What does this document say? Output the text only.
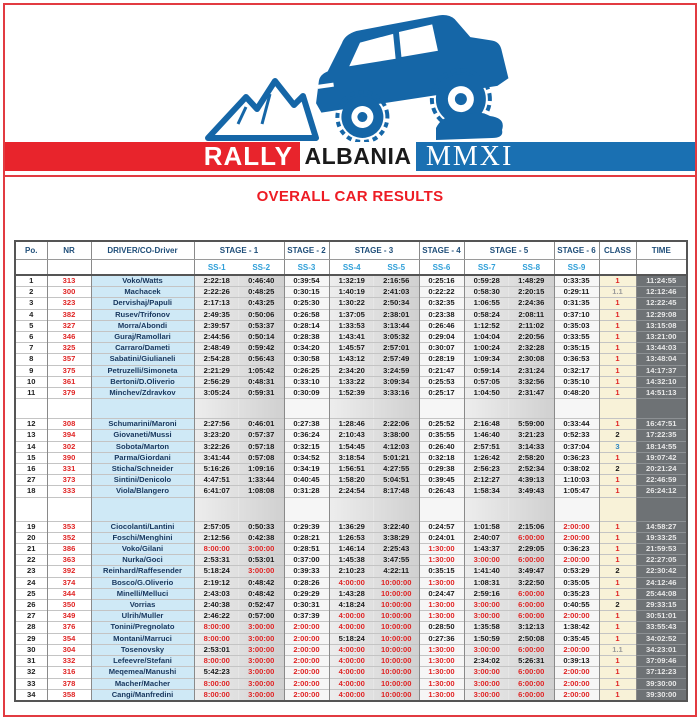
RALLY ALBANIA MMXI
OVERALL CAR RESULTS
Po.	NR	DRIVER/CO-Driver	STAGE - 1		STAGE - 2	STAGE - 3		STAGE - 4	STAGE - 5		STAGE - 6	CLASS	TIME
			SS-1	SS-2	SS-3	SS-4	SS-5	SS-6	SS-7	SS-8	SS-9		
1	313	Voko/Watts	2:22:18	0:46:40	0:39:54	1:32:19	2:16:56	0:25:16	0:59:28	1:48:29	0:33:35	1	11:24:55
2	300	Machacek	2:22:26	0:48:25	0:30:15	1:40:19	2:41:03	0:22:22	0:58:30	2:20:15	0:29:11	1.1	12:12:46
3	323	Dervishaj/Papuli	2:17:13	0:43:25	0:25:30	1:30:22	2:50:34	0:32:35	1:06:55	2:24:36	0:31:35	1	12:22:45
4	382	Rusev/Trifonov	2:49:35	0:50:06	0:26:58	1:37:05	2:38:01	0:23:38	0:58:24	2:08:11	0:37:10	1	12:29:08
5	327	Morra/Abondi	2:39:57	0:53:37	0:28:14	1:33:53	3:13:44	0:26:46	1:12:52	2:11:02	0:35:03	1	13:15:08
6	346	Guraj/Ramollari	2:44:56	0:50:14	0:28:38	1:43:41	3:05:32	0:29:04	1:04:04	2:20:56	0:33:55	1	13:21:00
7	325	Carraro/Dameti	2:48:49	0:59:42	0:34:20	1:45:57	2:57:01	0:30:07	1:00:24	2:32:28	0:35:15	1	13:44:03
8	357	Sabatini/Giulianeli	2:54:28	0:56:43	0:30:58	1:43:12	2:57:49	0:28:19	1:09:34	2:30:08	0:36:53	1	13:48:04
9	375	Petruzelli/Simoneta	2:21:29	1:05:42	0:26:25	2:34:20	3:24:59	0:21:47	0:59:14	2:31:24	0:32:17	1	14:17:37
10	361	Bertoni/D.Oliverio	2:56:29	0:48:31	0:33:10	1:33:22	3:09:34	0:25:53	0:57:05	3:32:56	0:35:10	1	14:32:10
11	379	Minchev/Zdravkov	3:05:24	0:59:31	0:30:09	1:52:39	3:33:16	0:25:17	1:04:50	2:31:47	0:48:20	1	14:51:13

12	308	Schumarini/Maroni	2:27:56	0:46:01	0:27:38	1:28:46	2:22:06	0:25:52	2:16:48	5:59:00	0:33:44	1	16:47:51
13	394	Giovaneti/Mussi	3:23:20	0:57:37	0:36:24	2:10:43	3:38:00	0:35:55	1:46:40	3:21:23	0:52:33	2	17:22:35
14	302	Sobota/Marton	3:22:26	0:57:18	0:32:15	1:54:45	4:12:03	0:26:40	2:57:51	3:14:33	0:37:04	3	18:14:55
15	390	Parma/Giordani	3:41:44	0:57:08	0:34:52	3:18:54	5:01:21	0:32:18	1:26:42	2:58:20	0:36:23	1	19:07:42
16	331	Sticha/Schneider	5:16:26	1:09:16	0:34:19	1:56:51	4:27:55	0:29:38	2:56:23	2:52:34	0:38:02	2	20:21:24
27	373	Sintini/Denicolo	4:47:51	1:33:44	0:40:45	1:58:20	5:04:51	0:39:45	2:12:27	4:39:13	1:10:03	1	22:46:59
18	333	Viola/Blangero	6:41:07	1:08:08	0:31:28	2:24:54	8:17:48	0:26:43	1:58:34	3:49:43	1:05:47	1	26:24:12

19	353	Ciocolanti/Lantini	2:57:05	0:50:33	0:29:39	1:36:29	3:22:40	0:24:57	1:01:58	2:15:06	2:00:00	1	14:58:27
20	352	Foschi/Menghini	2:12:56	0:42:38	0:28:21	1:26:53	3:38:29	0:24:01	2:40:07	6:00:00	2:00:00	1	19:33:25
21	386	Voko/Gilani	8:00:00	3:00:00	0:28:51	1:46:14	2:25:43	1:30:00	1:43:37	2:29:05	0:36:23	1	21:59:53
22	363	Nurka/Goci	2:53:31	0:53:01	0:37:00	1:45:38	3:47:55	1:30:00	3:00:00	6:00:00	2:00:00	1	22:27:05
23	392	Reinhard/Raffesender	5:18:24	3:00:00	0:39:33	2:10:23	4:22:11	0:35:15	1:41:40	3:49:47	0:53:29	2	22:30:42
24	374	Bosco/G.Oliverio	2:19:12	0:48:42	0:28:26	4:00:00	10:00:00	1:30:00	1:08:31	3:22:50	0:35:05	1	24:12:46
25	344	Minelli/Melluci	2:43:03	0:48:42	0:29:29	1:43:28	10:00:00	0:24:47	2:59:16	6:00:00	0:35:23	1	25:44:08
26	350	Vorrias	2:40:38	0:52:47	0:30:31	4:18:24	10:00:00	1:30:00	3:00:00	6:00:00	0:40:55	2	29:33:15
27	349	Ulrih/Muller	2:46:22	0:57:00	0:37:39	4:00:00	10:00:00	1:30:00	3:00:00	6:00:00	2:00:00	1	30:51:01
28	376	Tonini/Pregnolato	8:00:00	3:00:00	2:00:00	4:00:00	10:00:00	0:28:50	1:35:58	3:12:13	1:38:42	1	33:55:43
29	354	Montani/Marruci	8:00:00	3:00:00	2:00:00	5:18:24	10:00:00	0:27:36	1:50:59	2:50:08	0:35:45	1	34:02:52
30	304	Tosenovsky	2:53:01	3:00:00	2:00:00	4:00:00	10:00:00	1:30:00	3:00:00	6:00:00	2:00:00	1.1	34:23:01
31	332	Lefeevre/Stefani	8:00:00	3:00:00	2:00:00	4:00:00	10:00:00	1:30:00	2:34:02	5:26:31	0:39:13	1	37:09:46
32	316	Meqemea/Manushi	5:42:23	3:00:00	2:00:00	4:00:00	10:00:00	1:30:00	3:00:00	6:00:00	2:00:00	1	37:12:23
33	378	Macher/Macher	8:00:00	3:00:00	2:00:00	4:00:00	10:00:00	1:30:00	3:00:00	6:00:00	2:00:00	1	39:30:00
34	358	Cangi/Manfredini	8:00:00	3:00:00	2:00:00	4:00:00	10:00:00	1:30:00	3:00:00	6:00:00	2:00:00	1	39:30:00
